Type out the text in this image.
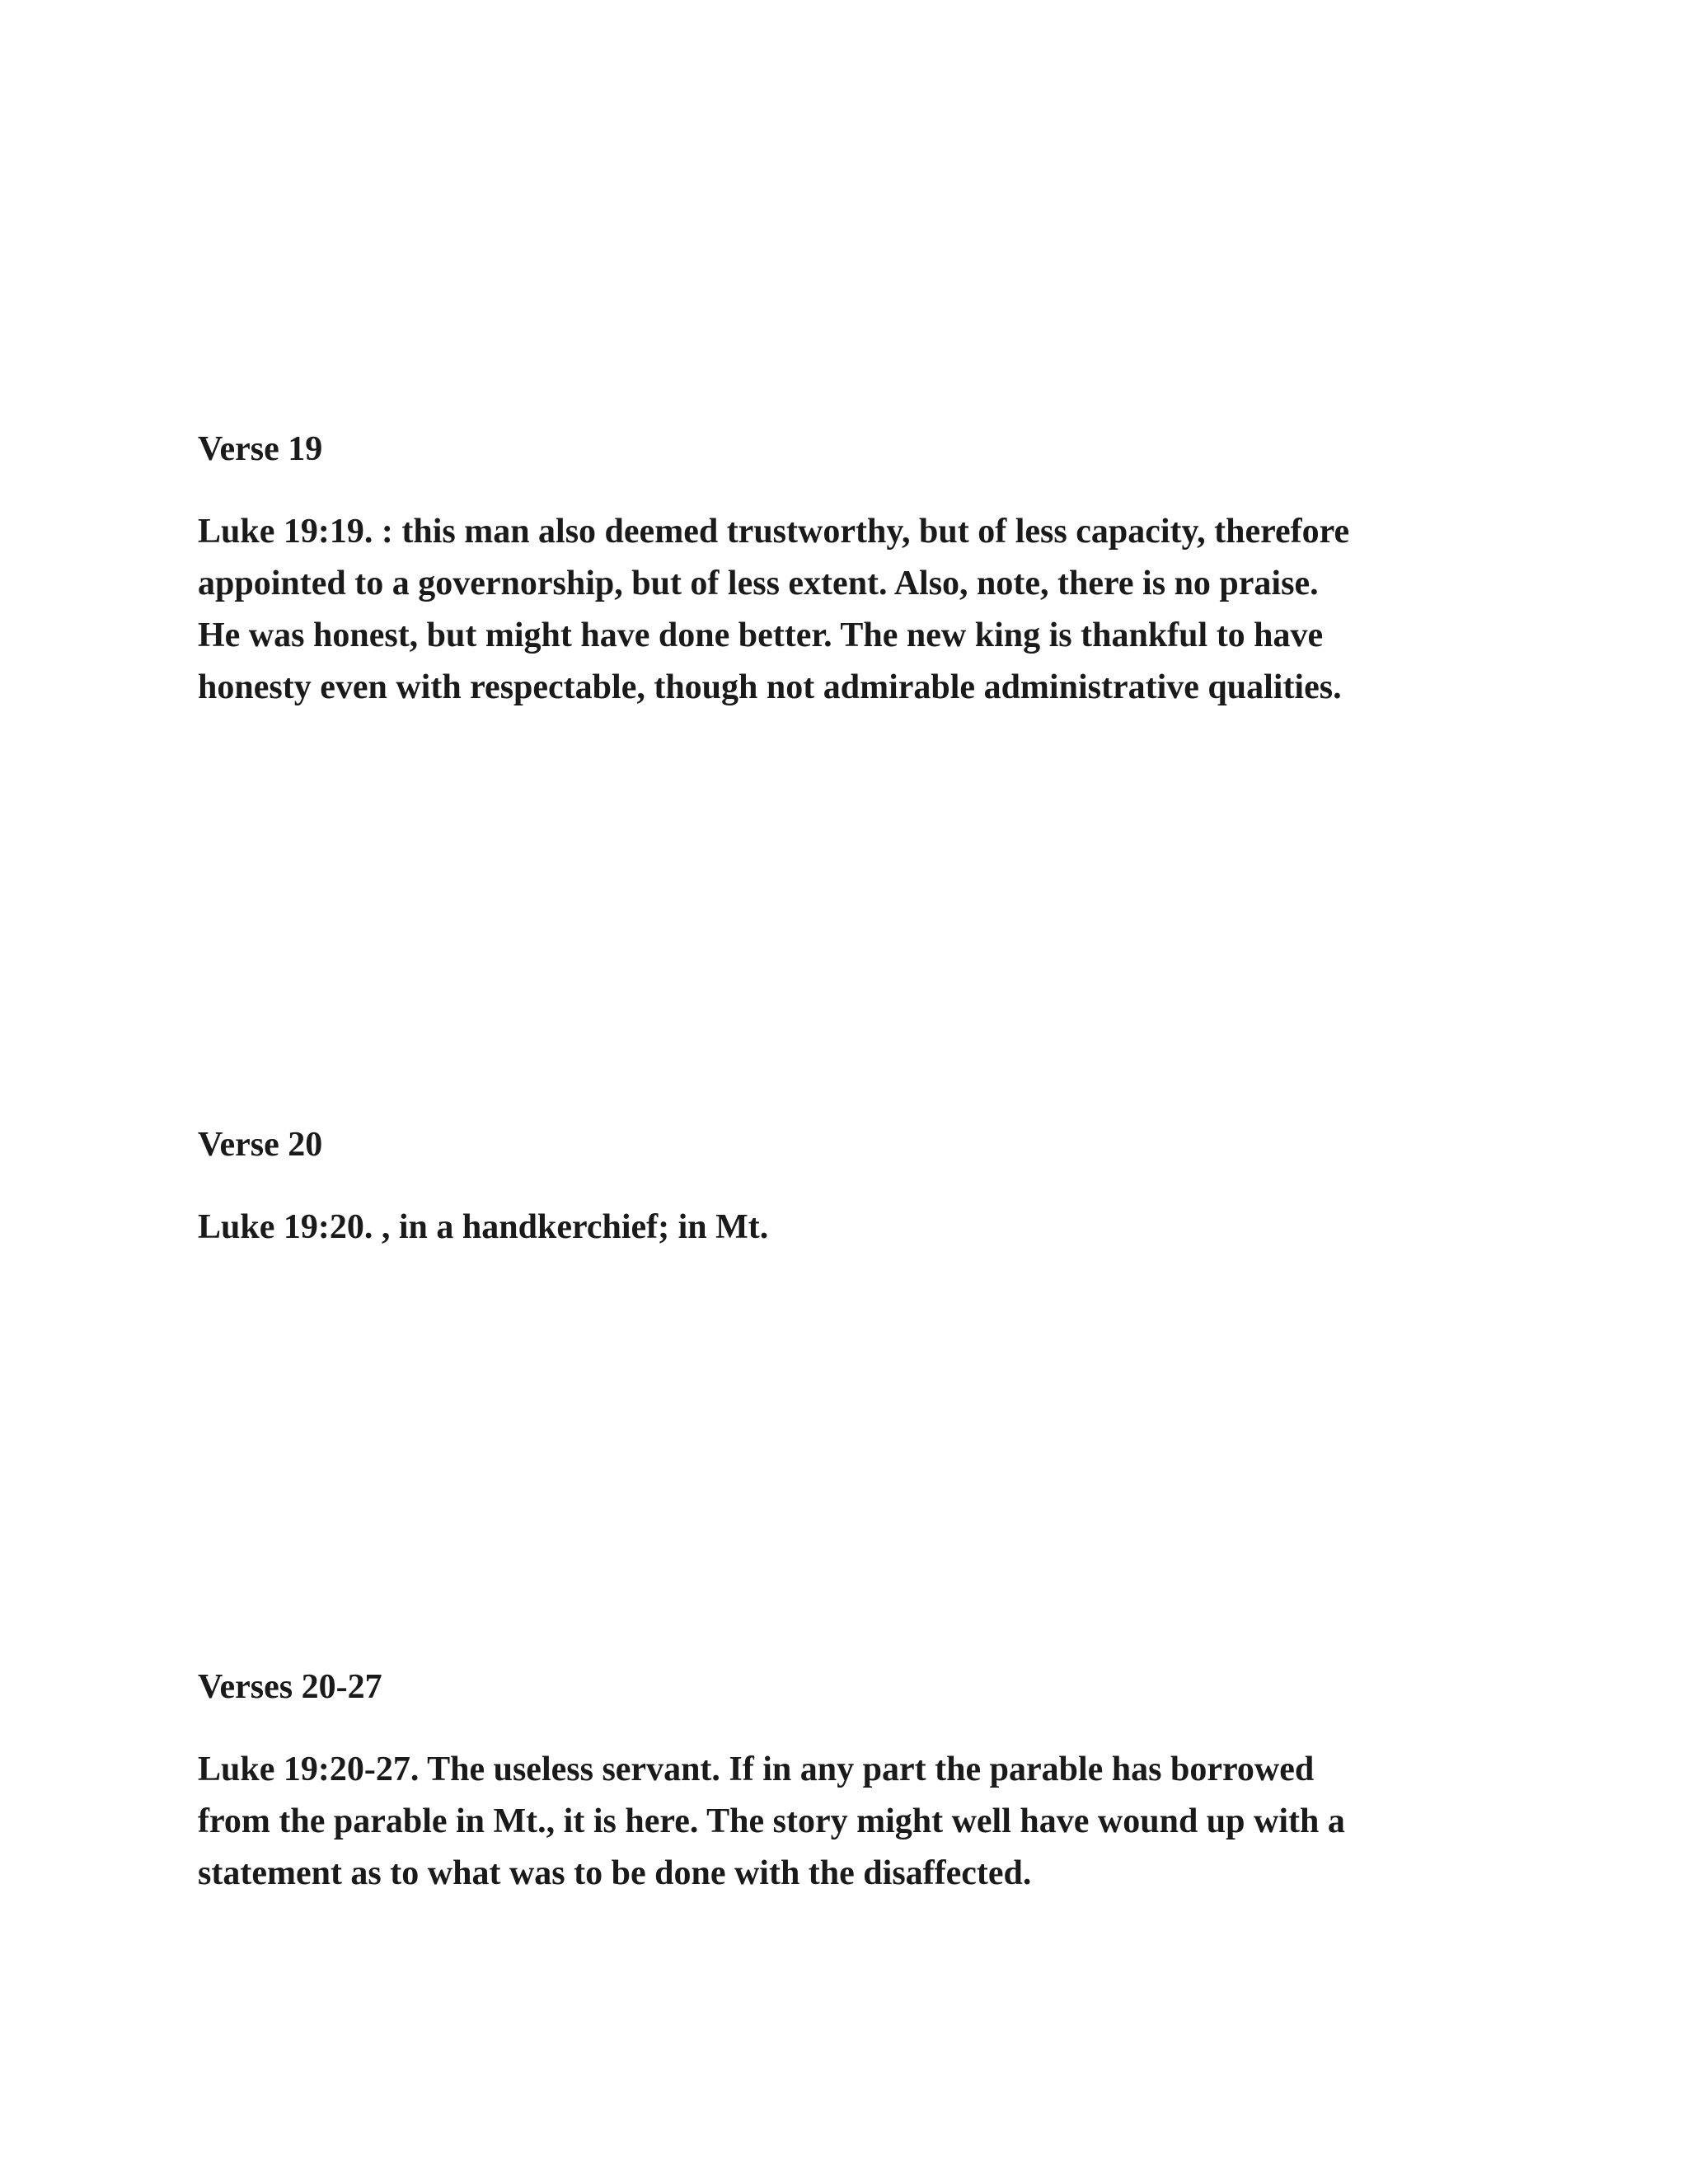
Verse 19

Luke 19:19. : this man also deemed trustworthy, but of less capacity, therefore
appointed to a governorship, but of less extent. Also, note, there is no praise.
He was honest, but might have done better. The new king is thankful to have
honesty even with respectable, though not admirable administrative qualities.

Verse 20

Luke 19:20. , in a handkerchief; in Mt.

Verses 20-27

Luke 19:20-27. The useless servant. If in any part the parable has borrowed
from the parable in Mt., it is here. The story might well have wound up with a
statement as to what was to be done with the disaffected.
